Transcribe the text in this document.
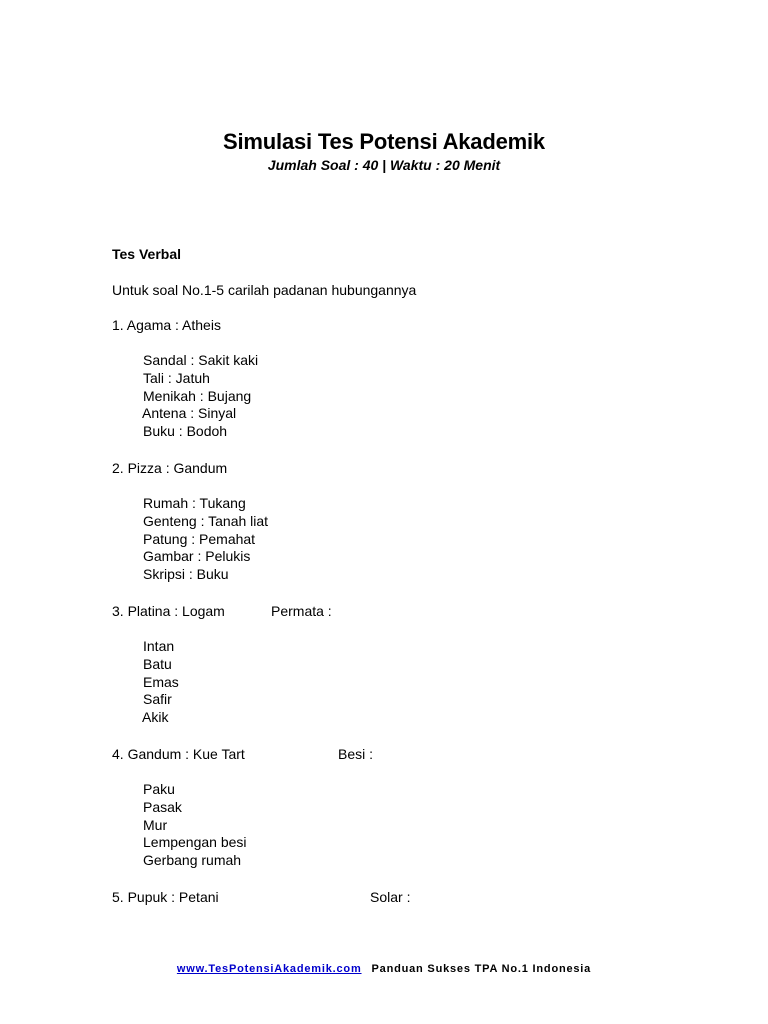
Simulasi Tes Potensi Akademik
Jumlah Soal : 40 | Waktu : 20 Menit
Tes Verbal
Untuk soal No.1-5 carilah padanan hubungannya
1. Agama : Atheis
Sandal : Sakit kaki
Tali : Jatuh
Menikah : Bujang
Antena : Sinyal
Buku : Bodoh
2. Pizza : Gandum
Rumah : Tukang
Genteng : Tanah liat
Patung : Pemahat
Gambar : Pelukis
Skripsi : Buku
3. Platina : Logam	Permata :
Intan
Batu
Emas
Safir
Akik
4. Gandum : Kue Tart	Besi :
Paku
Pasak
Mur
Lempengan besi
Gerbang rumah
5. Pupuk : Petani	Solar :
www.TesPotensiAkademik.com Panduan Sukses TPA No.1 Indonesia
